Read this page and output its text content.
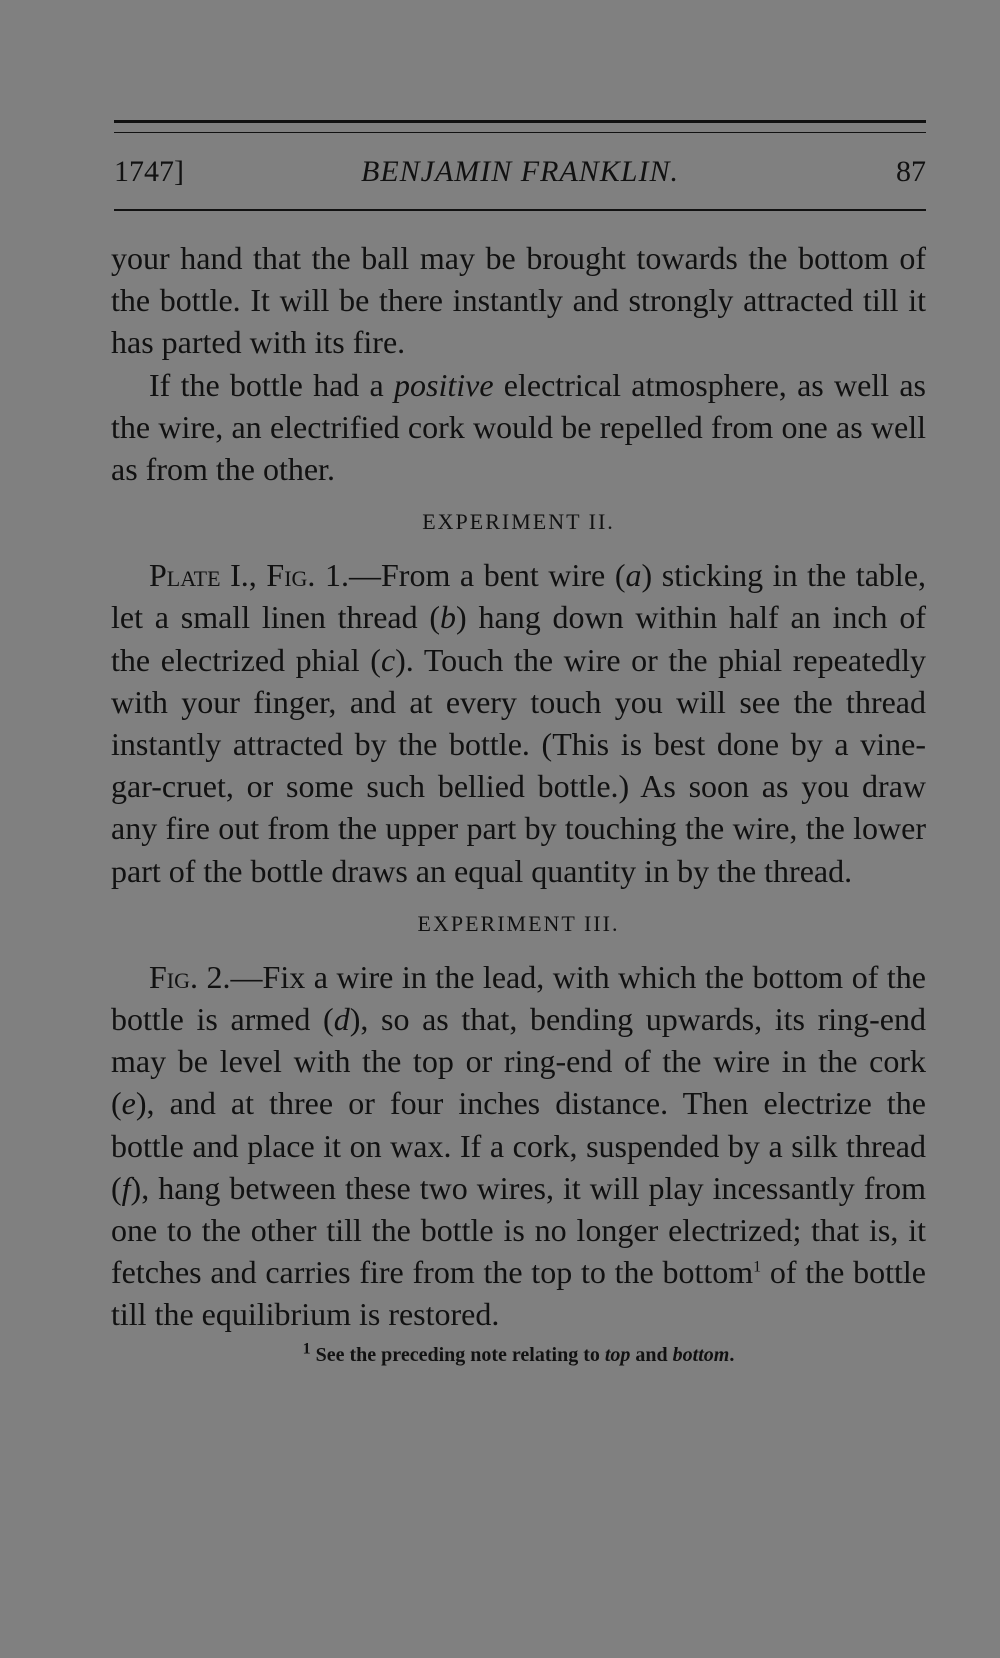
1747]	BENJAMIN FRANKLIN.	87

your hand that the ball may be brought towards the bottom of the bottle. It will be there instantly and strongly attracted till it has parted with its fire.

If the bottle had a positive electrical atmosphere, as well as the wire, an electrified cork would be repelled from one as well as from the other.

EXPERIMENT II.

Plate I., Fig. 1.—From a bent wire (a) sticking in the table, let a small linen thread (b) hang down within half an inch of the electrized phial (c). Touch the wire or the phial repeatedly with your finger, and at every touch you will see the thread instantly attracted by the bottle. (This is best done by a vinegar-cruet, or some such bellied bottle.) As soon as you draw any fire out from the upper part by touching the wire, the lower part of the bottle draws an equal quantity in by the thread.

EXPERIMENT III.

Fig. 2.—Fix a wire in the lead, with which the bottom of the bottle is armed (d), so as that, bending upwards, its ring-end may be level with the top or ring-end of the wire in the cork (e), and at three or four inches distance. Then electrize the bottle and place it on wax. If a cork, suspended by a silk thread (f), hang between these two wires, it will play incessantly from one to the other till the bottle is no longer electrized; that is, it fetches and carries fire from the top to the bottom$^1$ of the bottle till the equilibrium is restored.

$^1$ See the preceding note relating to top and bottom.
